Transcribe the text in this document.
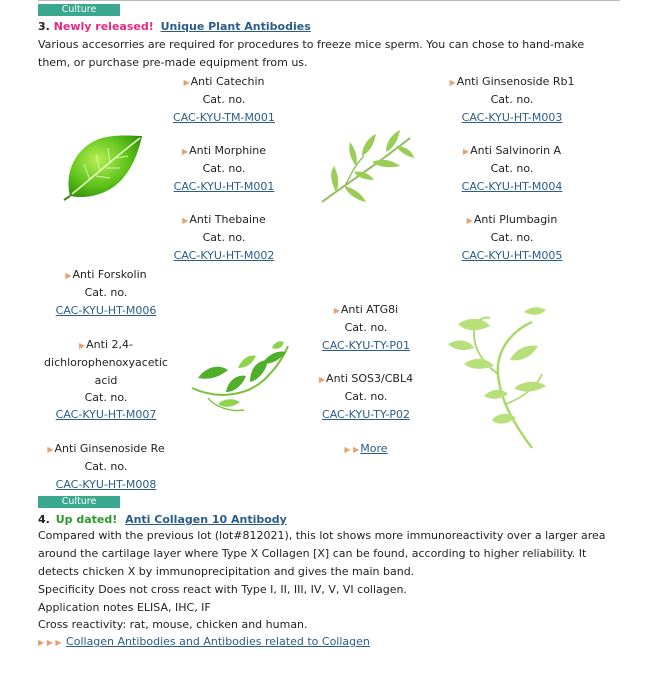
Culture
3. Newly released! Unique Plant Antibodies
Various accesorries are required for procedures to freeze mice sperm. You can chose to hand-make them, or purchase pre-made equipment from us.
▶Anti Catechin
Cat. no.
CAC-KYU-TM-M001
▶Anti Ginsenoside Rb1
Cat. no.
CAC-KYU-HT-M003
▶Anti Morphine
Cat. no.
CAC-KYU-HT-M001
▶Anti Salvinorin A
Cat. no.
CAC-KYU-HT-M004
▶Anti Thebaine
Cat. no.
CAC-KYU-HT-M002
▶Anti Plumbagin
Cat. no.
CAC-KYU-HT-M005
▶Anti Forskolin
Cat. no.
CAC-KYU-HT-M006	▶Anti ATG8i
Cat. no.
CAC-KYU-TY-P01
▶Anti 2,4-dichlorophenoxyacetic acid
Cat. no.
CAC-KYU-HT-M007
▶Anti SOS3/CBL4
Cat. no.
CAC-KYU-TY-P02
▶Anti Ginsenoside Re
Cat. no.
CAC-KYU-HT-M008
▶ ▶More
Culture
4. Up dated! Anti Collagen 10 Antibody
Compared with the previous lot (lot#812021), this lot shows more immunoreactivity over a larger area around the cartilage layer where Type X Collagen [X] can be found, according to higher reliability. It detects chicken X by immunoprecipitation and gives the main band.
Specificity Does not cross react with Type I, II, III, IV, V, VI collagen.
Application notes ELISA, IHC, IF
Cross reactivity: rat, mouse, chicken and human.
▶ ▶ ▶ Collagen Antibodies and Antibodies related to Collagen
